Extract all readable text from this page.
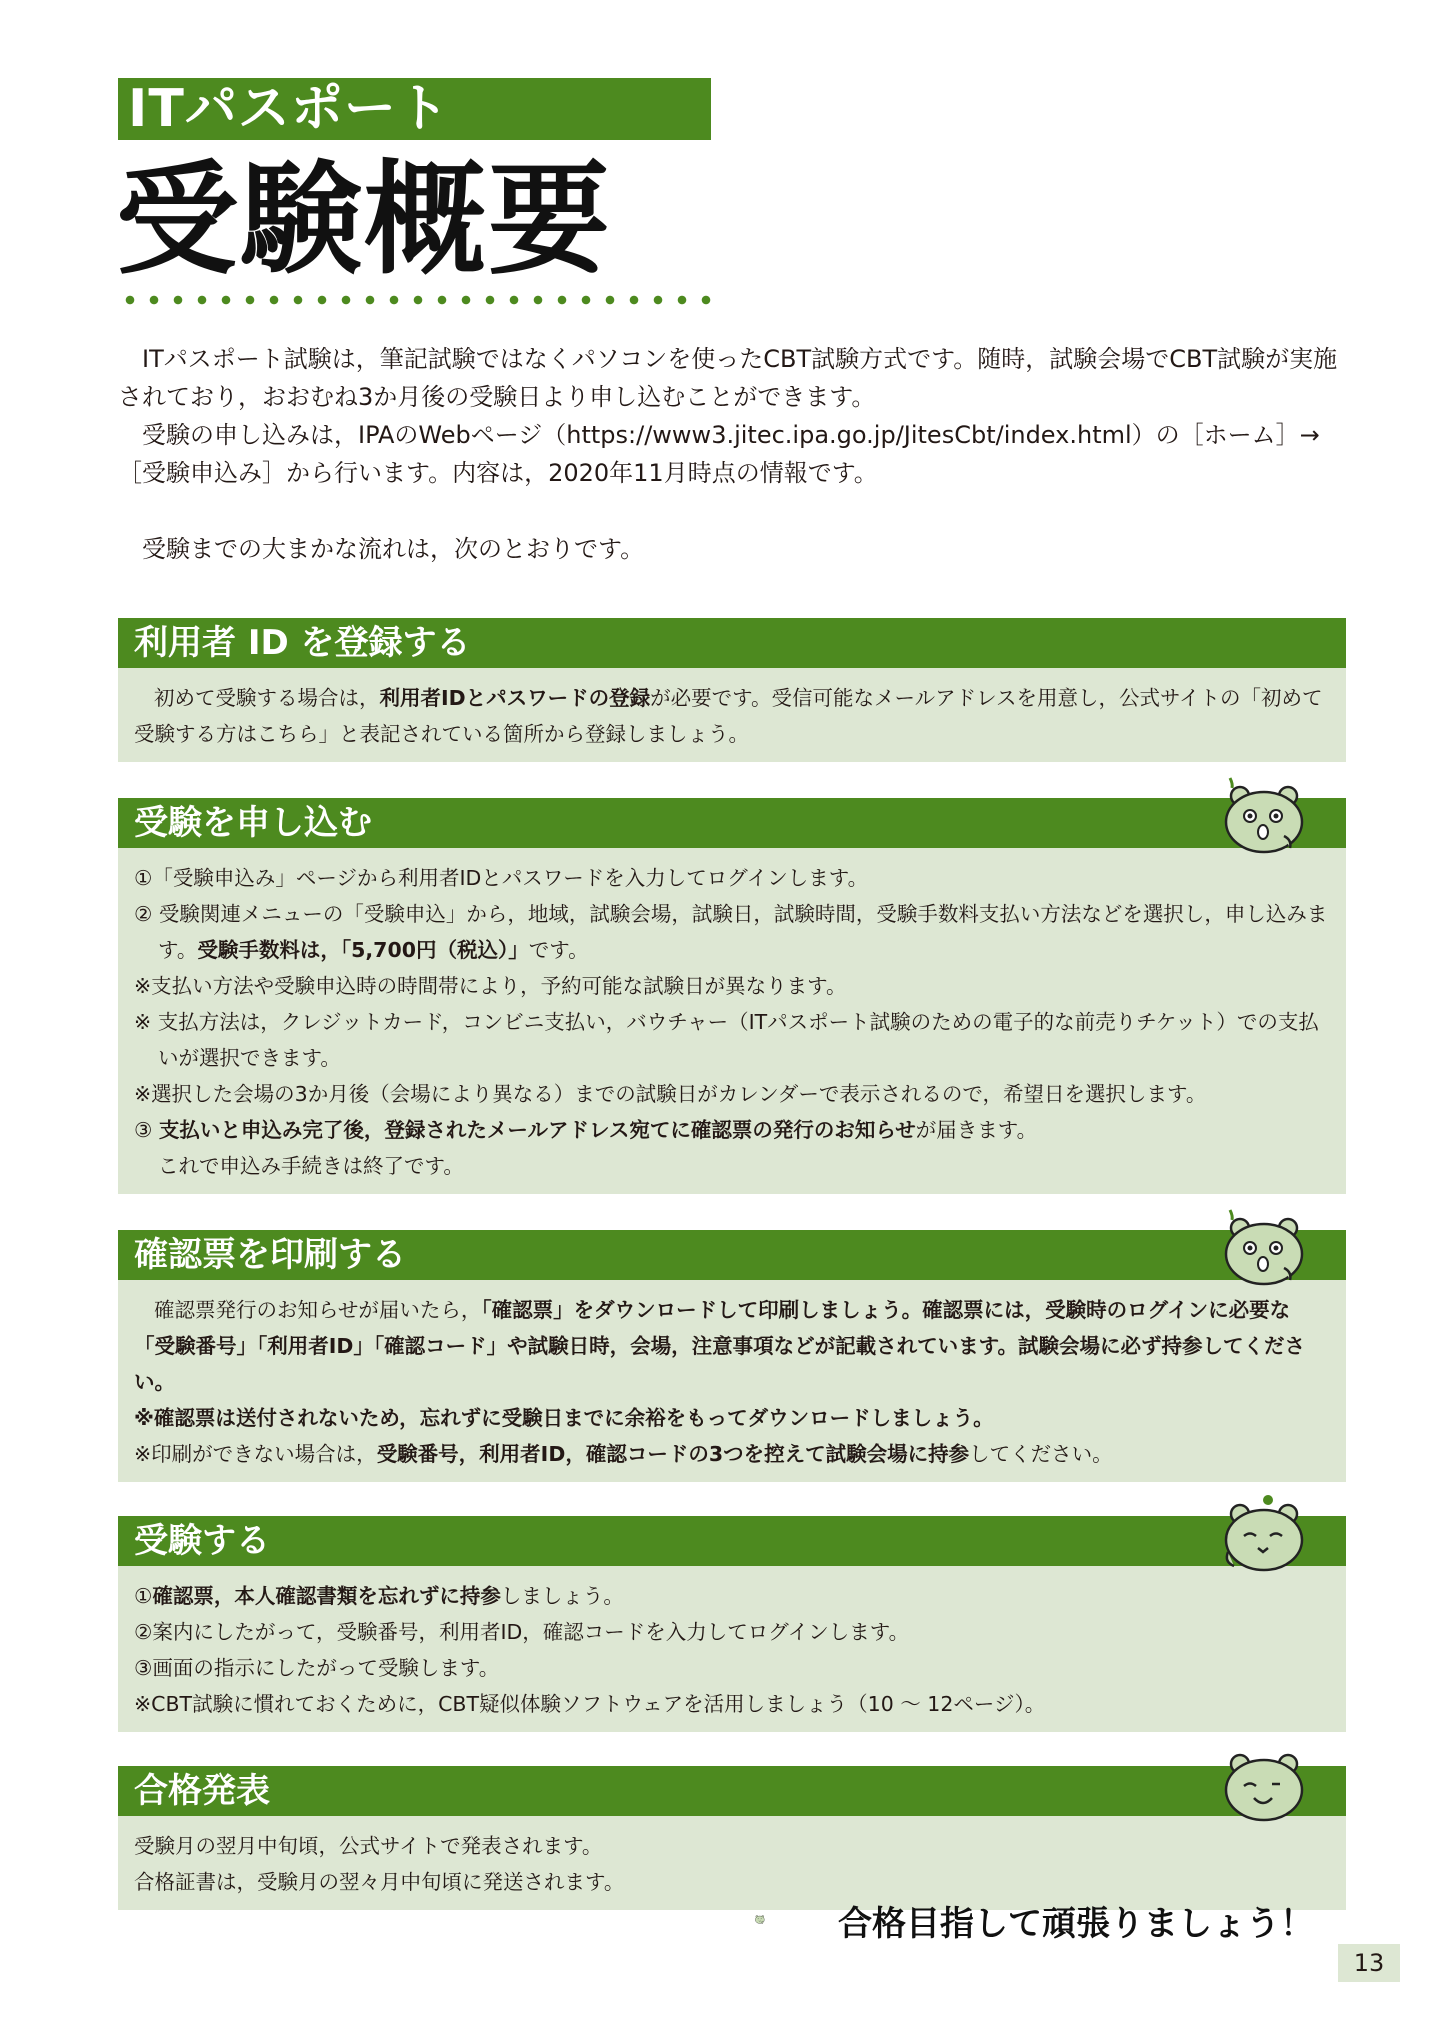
ITパスポート
受験概要

ITパスポート試験は，筆記試験ではなくパソコンを使ったCBT試験方式です。随時，試験会場でCBT試験が実施されており，おおむね3か月後の受験日より申し込むことができます。

受験の申し込みは，IPAのWebページ（https://www3.jitec.ipa.go.jp/JitesCbt/index.html）の［ホーム］→［受験申込み］から行います。内容は，2020年11月時点の情報です。

受験までの大まかな流れは，次のとおりです。

利用者 ID を登録する

初めて受験する場合は，利用者IDとパスワードの登録が必要です。受信可能なメールアドレスを用意し，公式サイトの「初めて受験する方はこちら」と表記されている箇所から登録しましょう。

受験を申し込む

①「受験申込み」ページから利用者IDとパスワードを入力してログインします。

② 受験関連メニューの「受験申込」から，地域，試験会場，試験日，試験時間，受験手数料支払い方法などを選択し，申し込みます。受験手数料は，「5,700円（税込）」です。

※支払い方法や受験申込時の時間帯により，予約可能な試験日が異なります。

※ 支払方法は，クレジットカード，コンビニ支払い，バウチャー（ITパスポート試験のための電子的な前売りチケット）での支払いが選択できます。

※選択した会場の3か月後（会場により異なる）までの試験日がカレンダーで表示されるので，希望日を選択します。

③ 支払いと申込み完了後，登録されたメールアドレス宛てに確認票の発行のお知らせが届きます。

これで申込み手続きは終了です。

確認票を印刷する

確認票発行のお知らせが届いたら，「確認票」をダウンロードして印刷しましょう。確認票には，受験時のログインに必要な「受験番号」「利用者ID」「確認コード」や試験日時，会場，注意事項などが記載されています。試験会場に必ず持参してください。

※確認票は送付されないため，忘れずに受験日までに余裕をもってダウンロードしましょう。

※印刷ができない場合は，受験番号，利用者ID，確認コードの3つを控えて試験会場に持参してください。

受験する

①確認票，本人確認書類を忘れずに持参しましょう。

②案内にしたがって，受験番号，利用者ID，確認コードを入力してログインします。

③画面の指示にしたがって受験します。

※CBT試験に慣れておくために，CBT疑似体験ソフトウェアを活用しましょう（10 ～ 12ページ）。

合格発表

受験月の翌月中旬頃，公式サイトで発表されます。

合格証書は，受験月の翌々月中旬頃に発送されます。

合格目指して頑張りましょう！
13
